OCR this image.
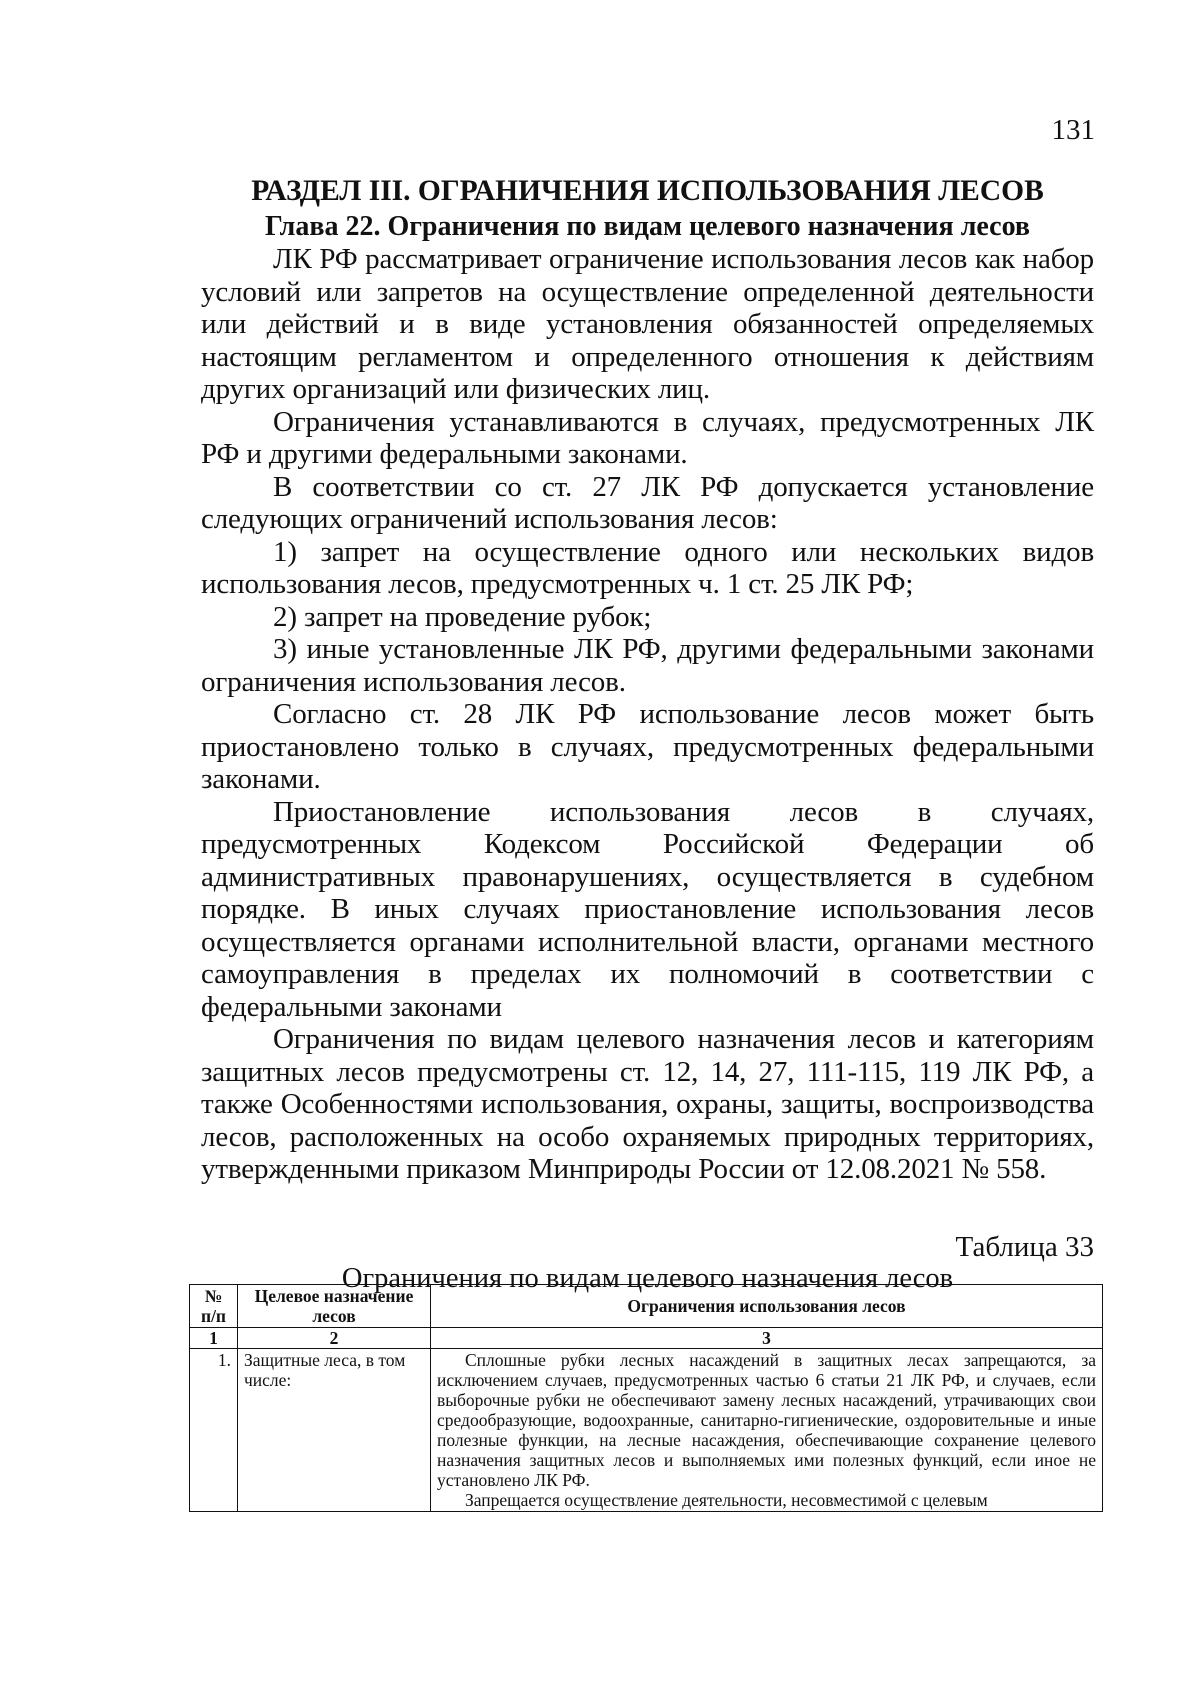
131
РАЗДЕЛ III. ОГРАНИЧЕНИЯ ИСПОЛЬЗОВАНИЯ ЛЕСОВ
Глава 22. Ограничения по видам целевого назначения лесов

ЛК РФ рассматривает ограничение использования лесов как набор условий или запретов на осуществление определенной деятельности или действий и в виде установления обязанностей определяемых настоящим регламентом и определенного отношения к действиям других организаций или физических лиц.

Ограничения устанавливаются в случаях, предусмотренных ЛК РФ и другими федеральными законами.

В соответствии со ст. 27 ЛК РФ допускается установление следующих ограничений использования лесов:

1) запрет на осуществление одного или нескольких видов использования лесов, предусмотренных ч. 1 ст. 25 ЛК РФ;

2) запрет на проведение рубок;

3) иные установленные ЛК РФ, другими федеральными законами ограничения использования лесов.

Согласно ст. 28 ЛК РФ использование лесов может быть приостановлено только в случаях, предусмотренных федеральными законами.

Приостановление использования лесов в случаях, предусмотренных Кодексом Российской Федерации об административных правонарушениях, осуществляется в судебном порядке. В иных случаях приостановление использования лесов осуществляется органами исполнительной власти, органами местного самоуправления в пределах их полномочий в соответствии с федеральными законами

Ограничения по видам целевого назначения лесов и категориям защитных лесов предусмотрены ст. 12, 14, 27, 111-115, 119 ЛК РФ, а также Особенностями использования, охраны, защиты, воспроизводства лесов, расположенных на особо охраняемых природных территориях, утвержденными приказом Минприроды России от 12.08.2021 № 558.

Таблица 33
Ограничения по видам целевого назначения лесов
№ п/п	Целевое назначение лесов	Ограничения использования лесов
1	2	3
1.	Защитные леса, в том числе:	Сплошные рубки лесных насаждений в защитных лесах запрещаются, за исключением случаев, предусмотренных частью 6 статьи 21 ЛК РФ, и случаев, если выборочные рубки не обеспечивают замену лесных насаждений, утрачивающих свои средообразующие, водоохранные, санитарно-гигиенические, оздоровительные и иные полезные функции, на лесные насаждения, обеспечивающие сохранение целевого назначения защитных лесов и выполняемых ими полезных функций, если иное не установлено ЛК РФ.

Запрещается осуществление деятельности, несовместимой с целевым
